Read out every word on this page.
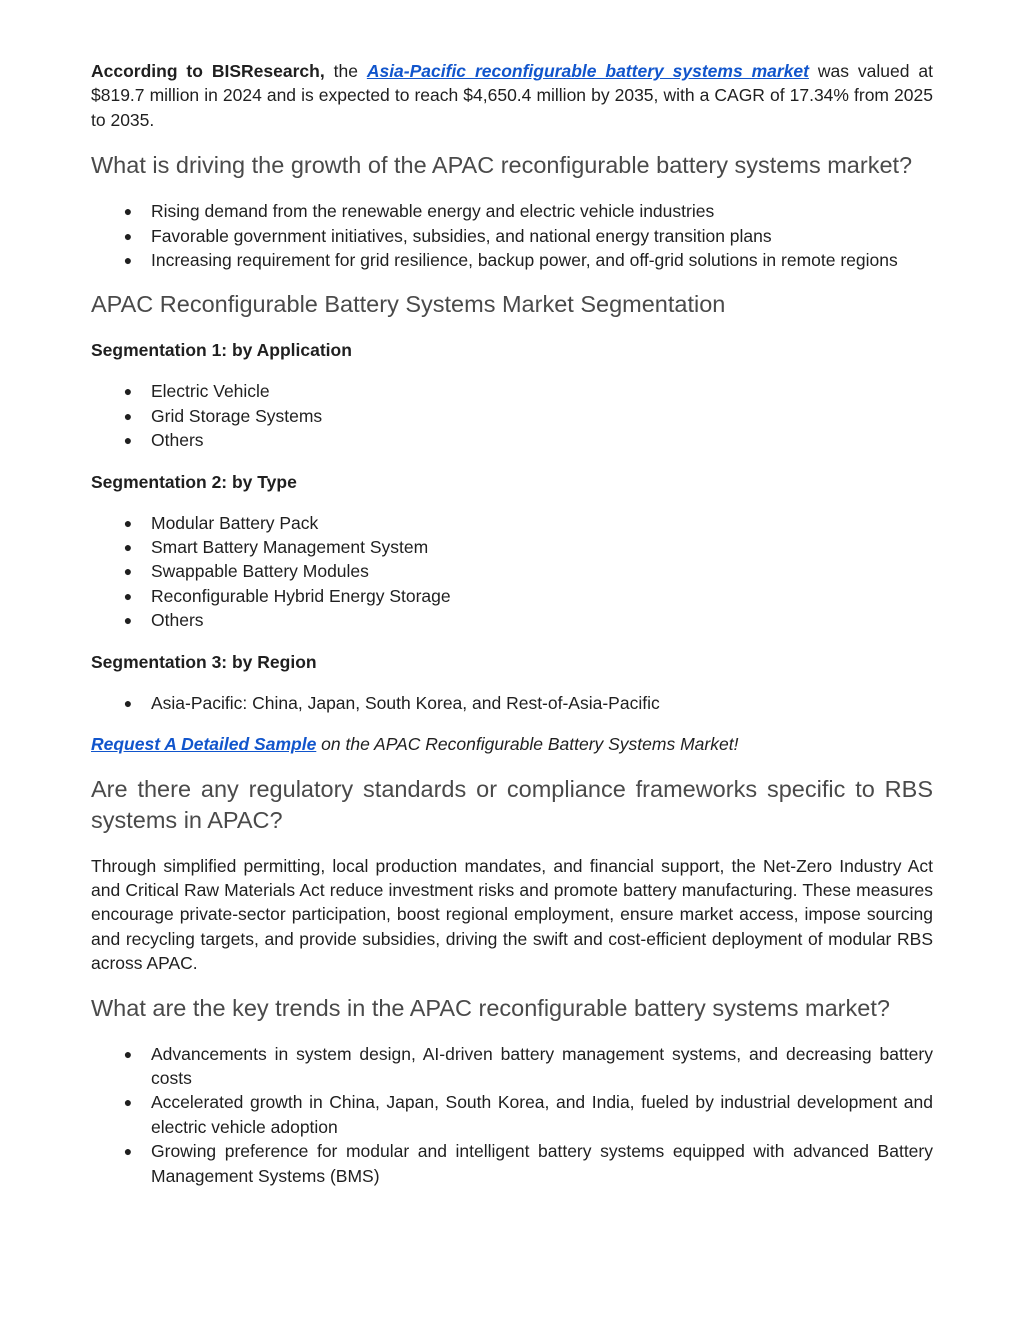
According to BISResearch, the Asia-Pacific reconfigurable battery systems market was valued at $819.7 million in 2024 and is expected to reach $4,650.4 million by 2035, with a CAGR of 17.34% from 2025 to 2035.

What is driving the growth of the APAC reconfigurable battery systems market?
● Rising demand from the renewable energy and electric vehicle industries
● Favorable government initiatives, subsidies, and national energy transition plans
● Increasing requirement for grid resilience, backup power, and off-grid solutions in remote regions
APAC Reconfigurable Battery Systems Market Segmentation
Segmentation 1: by Application
● Electric Vehicle
● Grid Storage Systems
● Others
Segmentation 2: by Type
● Modular Battery Pack
● Smart Battery Management System
● Swappable Battery Modules
● Reconfigurable Hybrid Energy Storage
● Others
Segmentation 3: by Region
● Asia-Pacific: China, Japan, South Korea, and Rest-of-Asia-Pacific

Request A Detailed Sample on the APAC Reconfigurable Battery Systems Market!

Are there any regulatory standards or compliance frameworks specific to RBS systems in APAC?

Through simplified permitting, local production mandates, and financial support, the Net-Zero Industry Act and Critical Raw Materials Act reduce investment risks and promote battery manufacturing. These measures encourage private-sector participation, boost regional employment, ensure market access, impose sourcing and recycling targets, and provide subsidies, driving the swift and cost-efficient deployment of modular RBS across APAC.

What are the key trends in the APAC reconfigurable battery systems market?
● Advancements in system design, AI-driven battery management systems, and decreasing battery costs
● Accelerated growth in China, Japan, South Korea, and India, fueled by industrial development and electric vehicle adoption
● Growing preference for modular and intelligent battery systems equipped with advanced Battery Management Systems (BMS)
